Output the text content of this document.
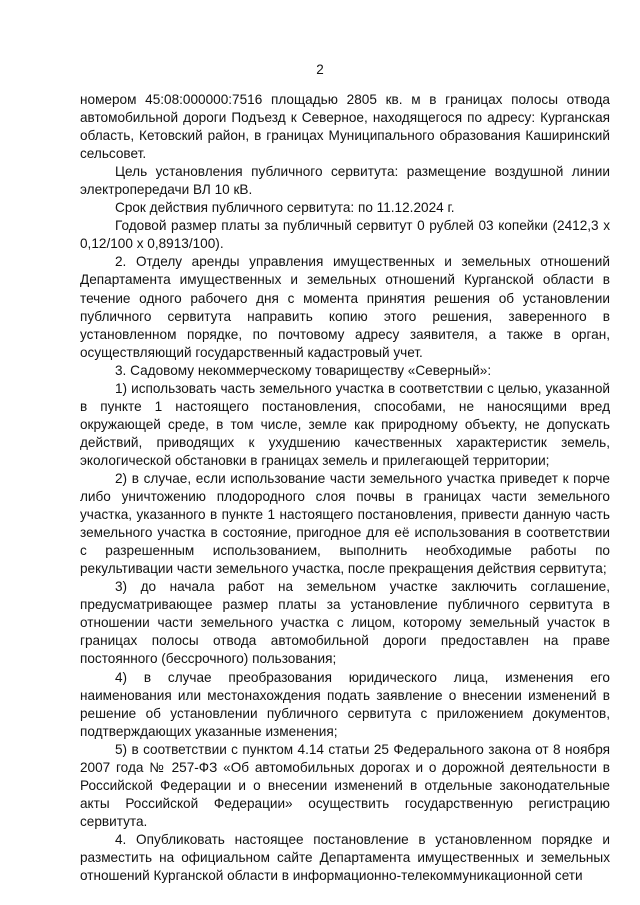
2

номером 45:08:000000:7516 площадью 2805 кв. м в границах полосы отвода автомобильной дороги Подъезд к Северное, находящегося по адресу: Курганская область, Кетовский район, в границах Муниципального образования Каширинский сельсовет.

Цель установления публичного сервитута: размещение воздушной линии электропередачи ВЛ 10 кВ.

Срок действия публичного сервитута: по 11.12.2024 г.

Годовой размер платы за публичный сервитут 0 рублей 03 копейки (2412,3 х 0,12/100 х 0,8913/100).

2. Отделу аренды управления имущественных и земельных отношений Департамента имущественных и земельных отношений Курганской области в течение одного рабочего дня с момента принятия решения об установлении публичного сервитута направить копию этого решения, заверенного в установленном порядке, по почтовому адресу заявителя, а также в орган, осуществляющий государственный кадастровый учет.

3. Садовому некоммерческому товариществу «Северный»:

1) использовать часть земельного участка в соответствии с целью, указанной в пункте 1 настоящего постановления, способами, не наносящими вред окружающей среде, в том числе, земле как природному объекту, не допускать действий, приводящих к ухудшению качественных характеристик земель, экологической обстановки в границах земель и прилегающей территории;

2) в случае, если использование части земельного участка приведет к порче либо уничтожению плодородного слоя почвы в границах части земельного участка, указанного в пункте 1 настоящего постановления, привести данную часть земельного участка в состояние, пригодное для её использования в соответствии с разрешенным использованием, выполнить необходимые работы по рекультивации части земельного участка, после прекращения действия сервитута;

3) до начала работ на земельном участке заключить соглашение, предусматривающее размер платы за установление публичного сервитута в отношении части земельного участка с лицом, которому земельный участок в границах полосы отвода автомобильной дороги предоставлен на праве постоянного (бессрочного) пользования;

4) в случае преобразования юридического лица, изменения его наименования или местонахождения подать заявление о внесении изменений в решение об установлении публичного сервитута с приложением документов, подтверждающих указанные изменения;

5) в соответствии с пунктом 4.14 статьи 25 Федерального закона от 8 ноября 2007 года № 257-ФЗ «Об автомобильных дорогах и о дорожной деятельности в Российской Федерации и о внесении изменений в отдельные законодательные акты Российской Федерации» осуществить государственную регистрацию сервитута.

4. Опубликовать настоящее постановление в установленном порядке и разместить на официальном сайте Департамента имущественных и земельных отношений Курганской области в информационно-телекоммуникационной сети
